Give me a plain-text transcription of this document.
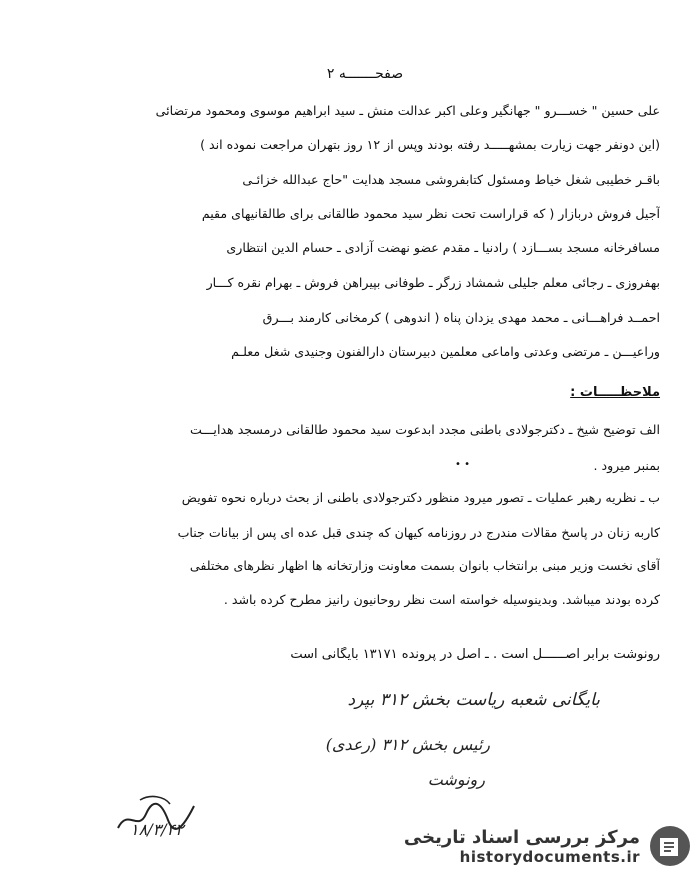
صفحـــــــه ۲
علی حسین " خســـرو " جهانگیر وعلی اکبر عدالت منش ـ سید ابراهیم موسوی ومحمود مرتضائی
(این دونفر جهت زیارت بمشهـــــد رفته بودند وپس از ۱۲ روز بتهران مراجعت نموده اند )
باقـر خطیبی شغل خیاط ومسئول کتابفروشی مسجد هدایت "حاج عبدالله خزائـی
آجیل فروش دربازار ( که قراراست تحت نظر سید محمود طالقانی برای طالقانیهای مقیم
مسافرخانه مسجد بســـازد ) رادنیا ـ مقدم عضو نهضت آزادی ـ حسام الدین انتظاری
بهفروزی ـ رجائی معلم جلیلی شمشاد زرگر ـ طوفانی بپیراهن فروش ـ بهرام نقره کـــار
احمــد فراهـــانی ـ محمد مهدی یزدان پناه ( اندوهی ) کرمخانی کارمند بـــرق
وراعیـــن ـ مرتضی وعدتی واماعی معلمین دبیرستان دارالفنون وجنیدی شغل معلـم
ملاحظـــــات :
الف توضیح شیخ ـ دکترجولادی باطنی مجدد ابدعوت سید محمود طالقانی درمسجد هدایـــت
بمنبر میرود .
• •
ب ـ نظریه رهبر عملیات ـ تصور میرود منظور دکترجولادی باطنی از بحث درباره نحوه تفویض
کاربه زنان در پاسخ مقالات مندرج در روزنامه کیهان که چندی قبل عده ای پس از بیانات جناب
آقای نخست وزیر مبنی برانتخاب بانوان بسمت معاونت وزارتخانه ها اظهار نظرهای مختلفی
کرده بودند میباشد. وبدینوسیله خواسته است نظر روحانیون رانیز مطرح کرده باشد .
رونوشت برابر اصــــــل است . ـ اصل در پرونده ۱۳۱۷۱ بایگانی است
بایگانی شعبه ریاست بخش ۳۱۲ بپرد
رئیس بخش ۳۱۲ (رعدی)
رونوشت
۱۸/۳/۴۲	مرکز بررسی اسناد تاریخی
historydocuments.ir
